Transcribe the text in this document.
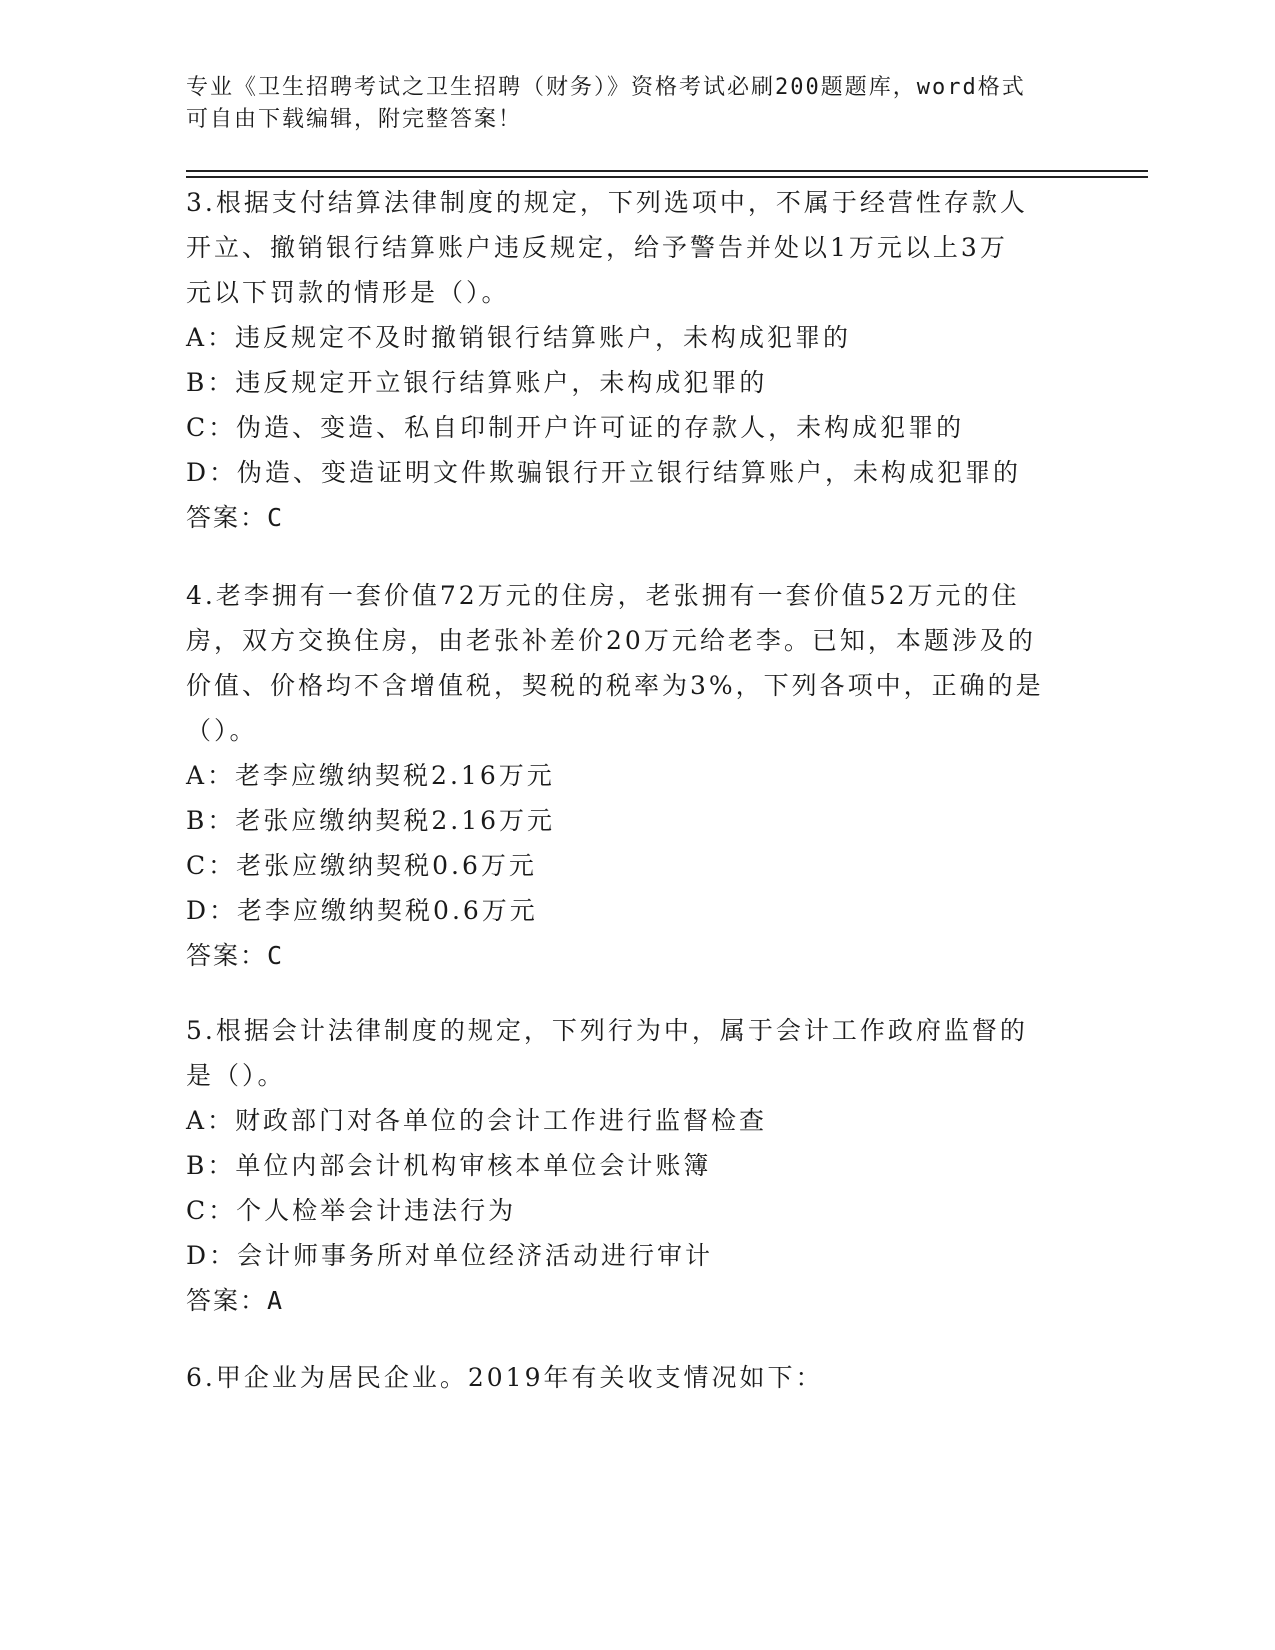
专业《卫生招聘考试之卫生招聘（财务）》资格考试必刷200题题库，word格式
可自由下载编辑，附完整答案！
3.根据支付结算法律制度的规定，下列选项中，不属于经营性存款人
开立、撤销银行结算账户违反规定，给予警告并处以1万元以上3万
元以下罚款的情形是（）。
A：违反规定不及时撤销银行结算账户，未构成犯罪的
B：违反规定开立银行结算账户，未构成犯罪的
C：伪造、变造、私自印制开户许可证的存款人，未构成犯罪的
D：伪造、变造证明文件欺骗银行开立银行结算账户，未构成犯罪的
答案：C
4.老李拥有一套价值72万元的住房，老张拥有一套价值52万元的住
房，双方交换住房，由老张补差价20万元给老李。已知，本题涉及的
价值、价格均不含增值税，契税的税率为3%，下列各项中，正确的是
（）。
A：老李应缴纳契税2.16万元
B：老张应缴纳契税2.16万元
C：老张应缴纳契税0.6万元
D：老李应缴纳契税0.6万元
答案：C
5.根据会计法律制度的规定，下列行为中，属于会计工作政府监督的
是（）。
A：财政部门对各单位的会计工作进行监督检查
B：单位内部会计机构审核本单位会计账簿
C：个人检举会计违法行为
D：会计师事务所对单位经济活动进行审计
答案：A
6.甲企业为居民企业。2019年有关收支情况如下：
